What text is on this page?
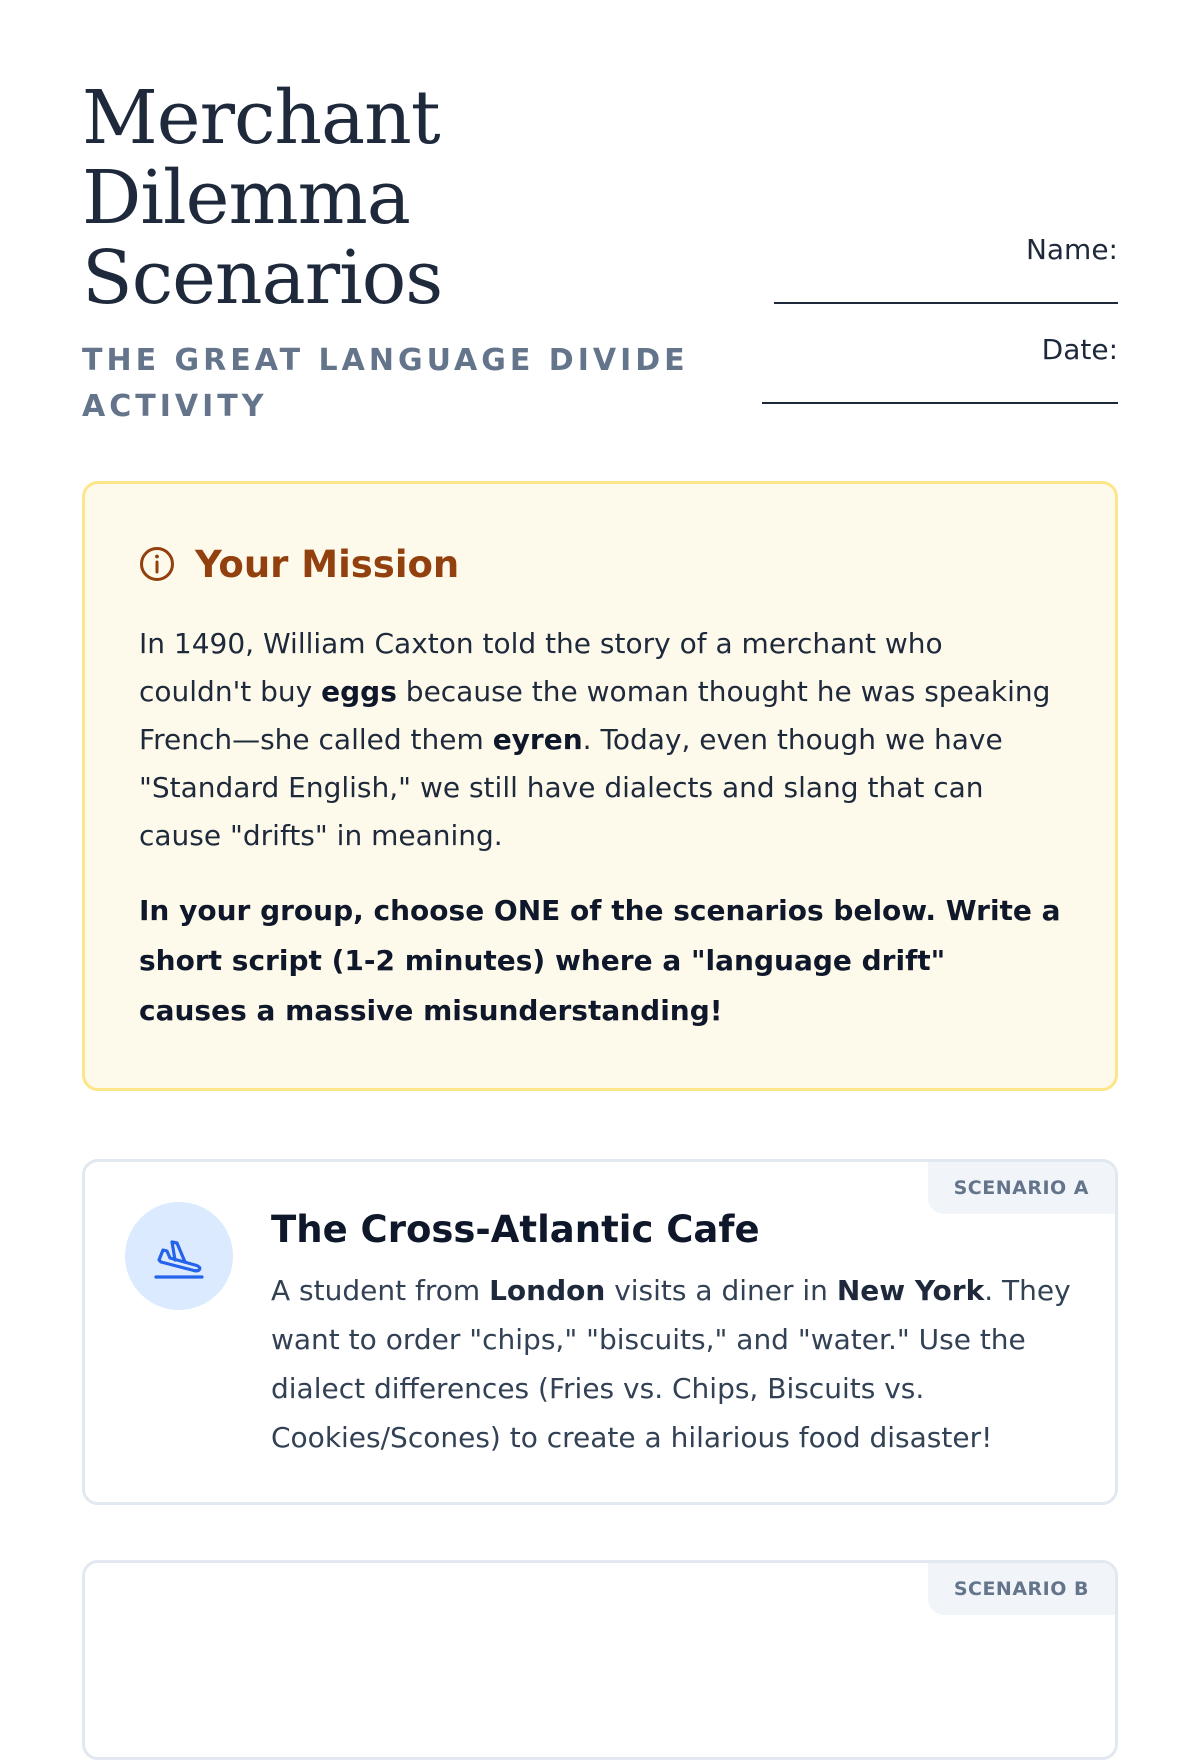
Merchant
Dilemma
Scenarios

THE GREAT LANGUAGE DIVIDE ACTIVITY

Name:
Date:
Your Mission

In 1490, William Caxton told the story of a merchant who couldn't buy eggs because the woman thought he was speaking French—she called them eyren. Today, even though we have "Standard English," we still have dialects and slang that can cause "drifts" in meaning.

In your group, choose ONE of the scenarios below. Write a short script (1-2 minutes) where a "language drift" causes a massive misunderstanding!

SCENARIO A
The Cross-Atlantic Cafe

A student from London visits a diner in New York. They want to order "chips," "biscuits," and "water." Use the dialect differences (Fries vs. Chips, Biscuits vs. Cookies/Scones) to create a hilarious food disaster!

SCENARIO B
